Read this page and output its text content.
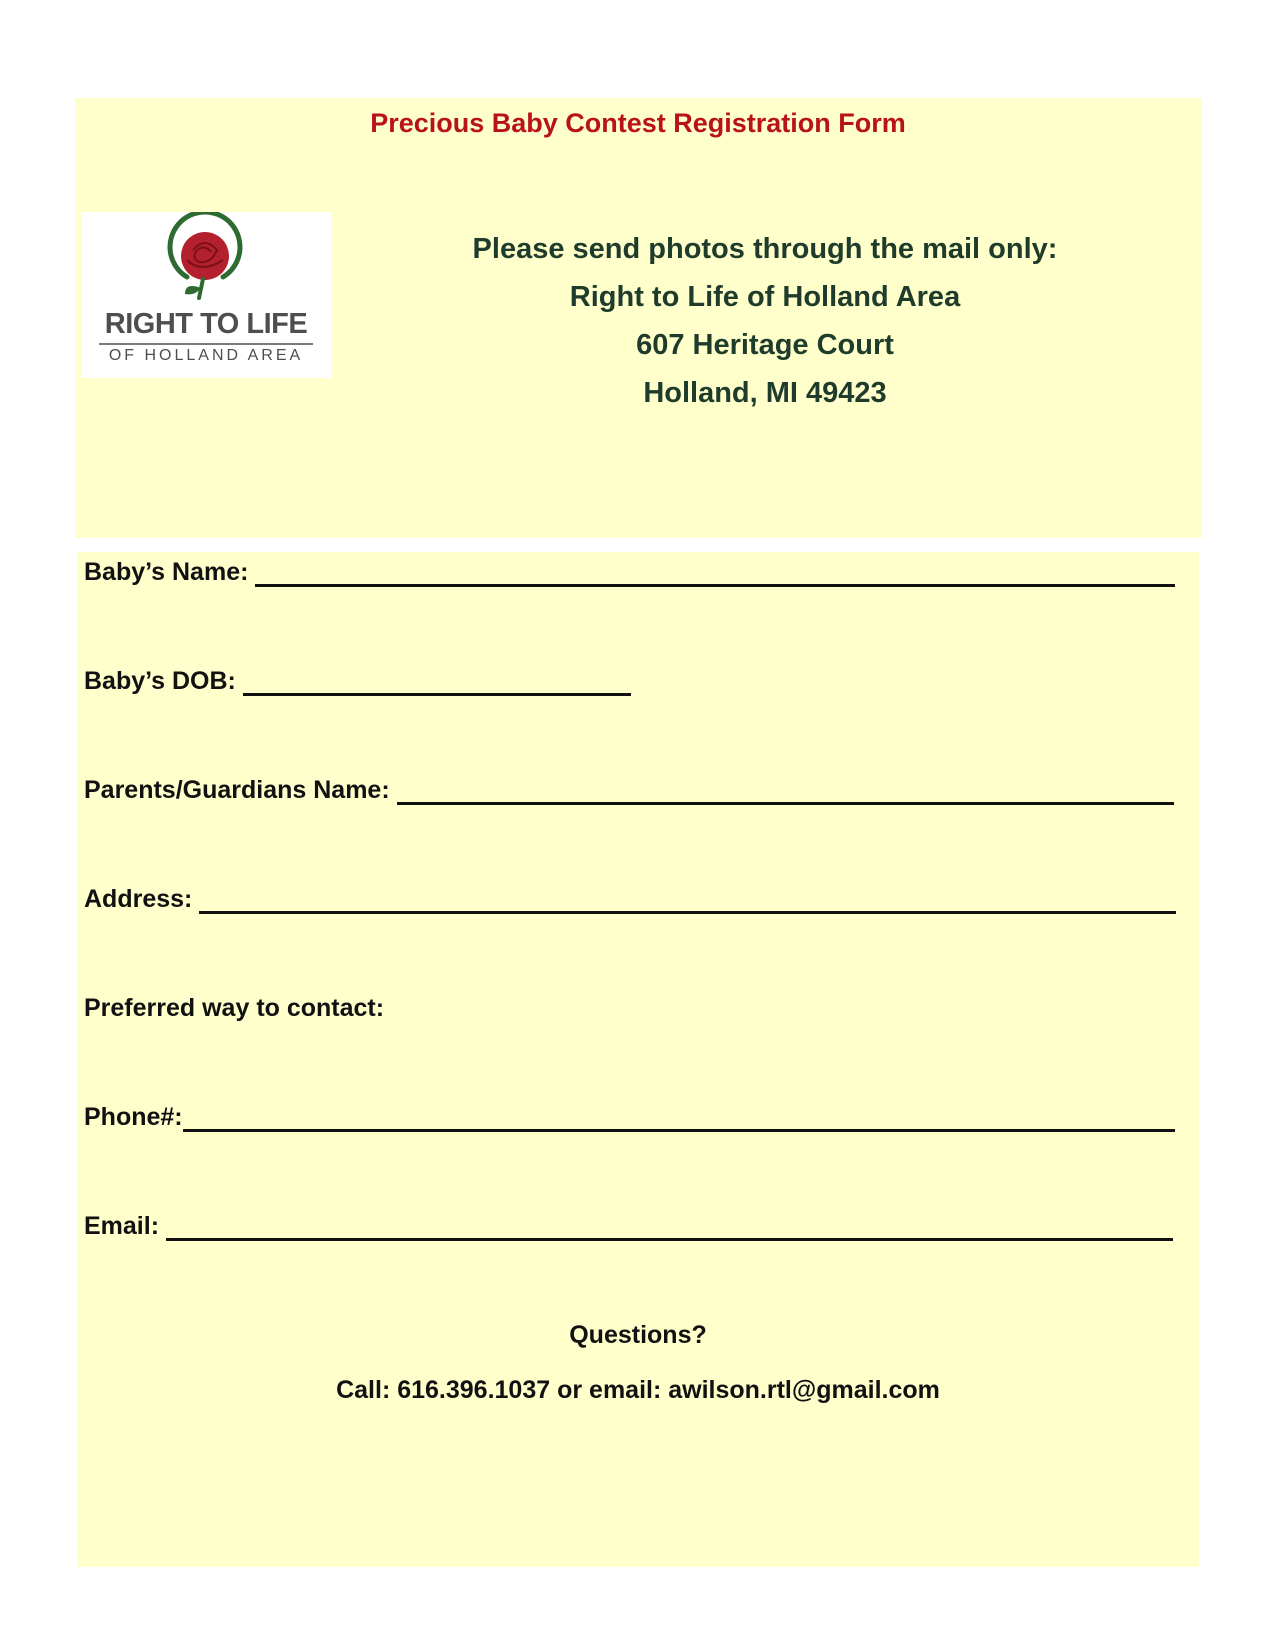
Precious Baby Contest Registration Form
RIGHT TO LIFE
OF HOLLAND AREA
Please send photos through the mail only:
Right to Life of Holland Area
607 Heritage Court
Holland, MI 49423
Baby’s Name:
Baby’s DOB:
Parents/Guardians Name:
Address:
Preferred way to contact:
Phone#:
Email:
Questions?
Call: 616.396.1037 or email: awilson.rtl@gmail.com
